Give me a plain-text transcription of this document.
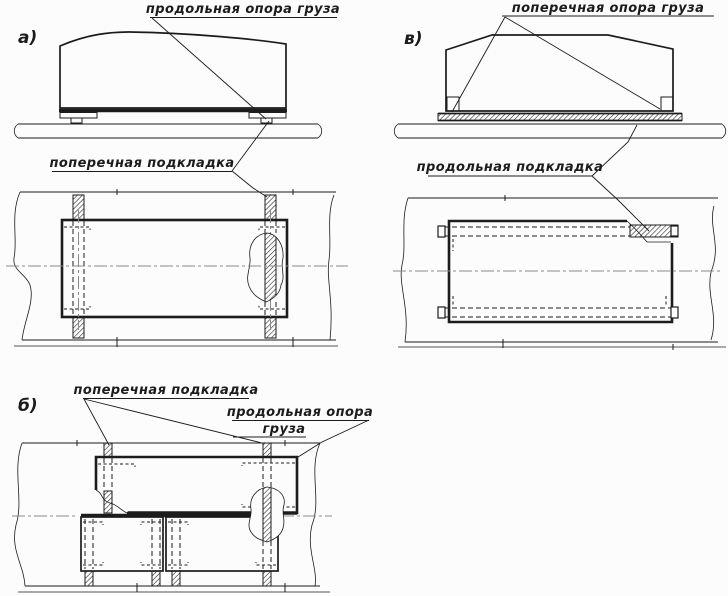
а)
продольная опора груза
поперечная подкладка
в)
поперечная опора груза
продольная подкладка
б)
поперечная подкладка
продольная опора
груза
